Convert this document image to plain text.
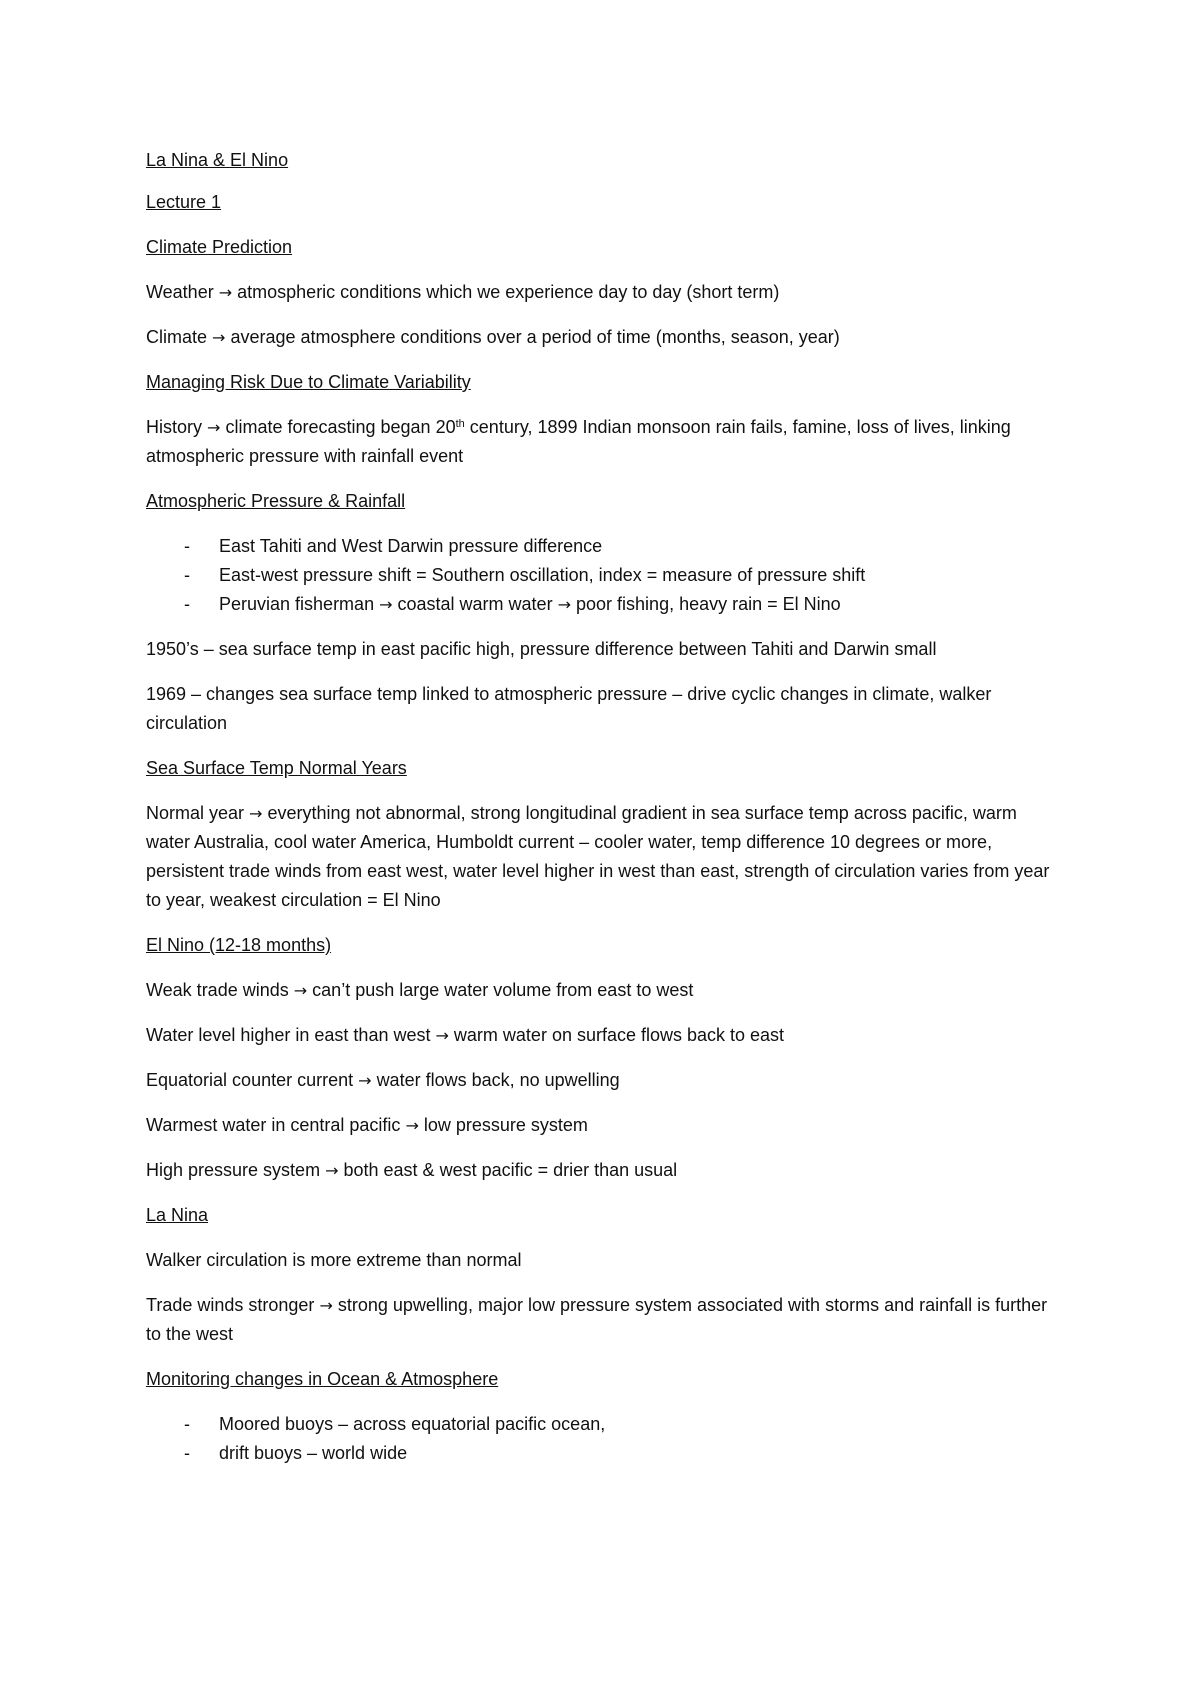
La Nina & El Nino
Lecture 1
Climate Prediction

Weather → atmospheric conditions which we experience day to day (short term)

Climate → average atmosphere conditions over a period of time (months, season, year)

Managing Risk Due to Climate Variability

History → climate forecasting began 20th century, 1899 Indian monsoon rain fails, famine, loss of lives, linking atmospheric pressure with rainfall event

Atmospheric Pressure & Rainfall
- East Tahiti and West Darwin pressure difference
- East-west pressure shift = Southern oscillation, index = measure of pressure shift
- Peruvian fisherman → coastal warm water → poor fishing, heavy rain = El Nino

1950’s – sea surface temp in east pacific high, pressure difference between Tahiti and Darwin small

1969 – changes sea surface temp linked to atmospheric pressure – drive cyclic changes in climate, walker circulation

Sea Surface Temp Normal Years

Normal year → everything not abnormal, strong longitudinal gradient in sea surface temp across pacific, warm water Australia, cool water America, Humboldt current – cooler water, temp difference 10 degrees or more, persistent trade winds from east west, water level higher in west than east, strength of circulation varies from year to year, weakest circulation = El Nino

El Nino (12-18 months)

Weak trade winds → can’t push large water volume from east to west

Water level higher in east than west → warm water on surface flows back to east

Equatorial counter current → water flows back, no upwelling

Warmest water in central pacific → low pressure system

High pressure system → both east & west pacific = drier than usual

La Nina

Walker circulation is more extreme than normal

Trade winds stronger → strong upwelling, major low pressure system associated with storms and rainfall is further to the west

Monitoring changes in Ocean & Atmosphere
- Moored buoys – across equatorial pacific ocean,
- drift buoys – world wide
